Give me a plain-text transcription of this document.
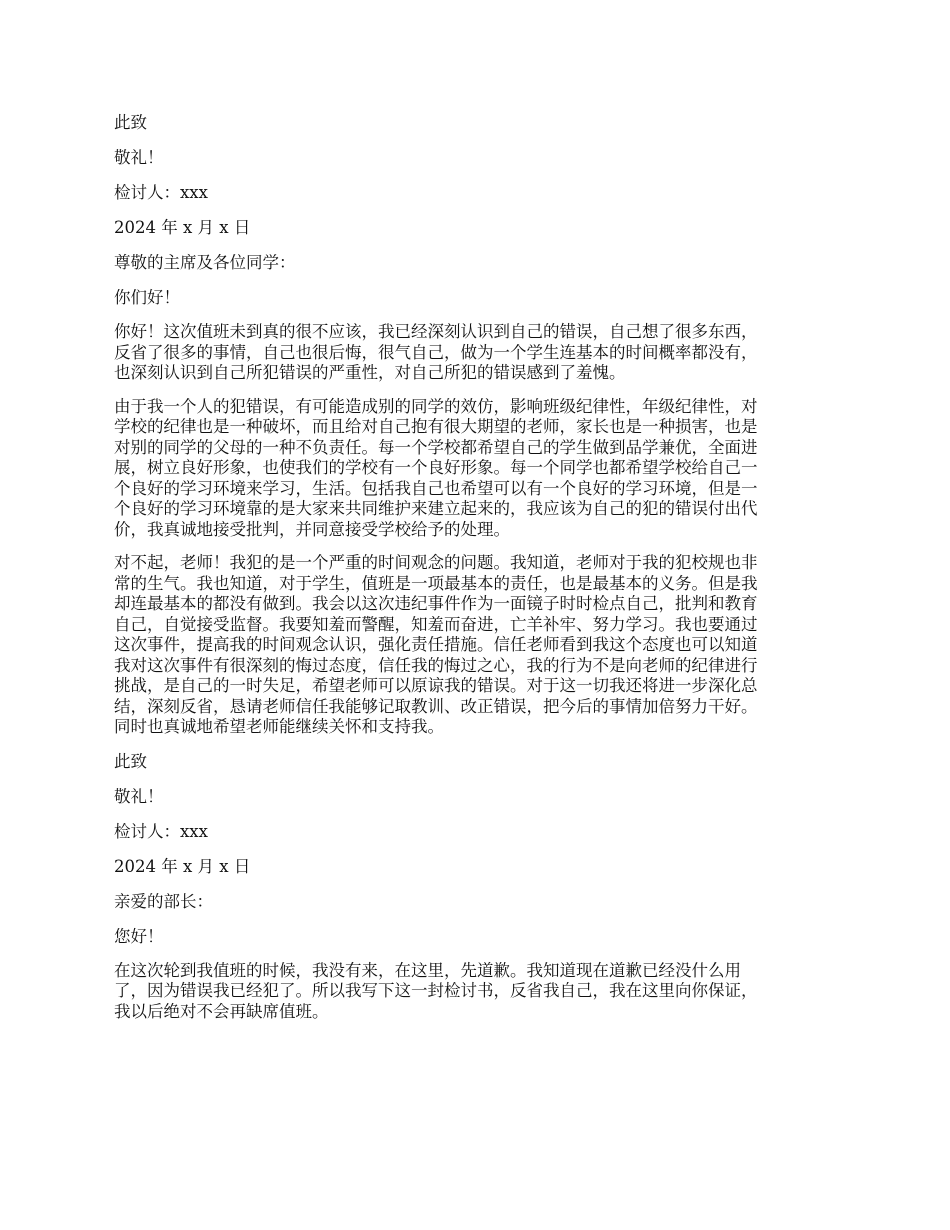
此致
敬礼！
检讨人：xxx
2024 年 x 月 x 日
尊敬的主席及各位同学：
你们好！
你好！这次值班未到真的很不应该，我已经深刻认识到自己的错误，自己想了很多东西，
反省了很多的事情，自己也很后悔，很气自己，做为一个学生连基本的时间概率都没有，
也深刻认识到自己所犯错误的严重性，对自己所犯的错误感到了羞愧。
由于我一个人的犯错误，有可能造成别的同学的效仿，影响班级纪律性，年级纪律性，对
学校的纪律也是一种破坏，而且给对自己抱有很大期望的老师，家长也是一种损害，也是
对别的同学的父母的一种不负责任。每一个学校都希望自己的学生做到品学兼优，全面进
展，树立良好形象，也使我们的学校有一个良好形象。每一个同学也都希望学校给自己一
个良好的学习环境来学习，生活。包括我自己也希望可以有一个良好的学习环境，但是一
个良好的学习环境靠的是大家来共同维护来建立起来的，我应该为自己的犯的错误付出代
价，我真诚地接受批判，并同意接受学校给予的处理。
对不起，老师！我犯的是一个严重的时间观念的问题。我知道，老师对于我的犯校规也非
常的生气。我也知道，对于学生，值班是一项最基本的责任，也是最基本的义务。但是我
却连最基本的都没有做到。我会以这次违纪事件作为一面镜子时时检点自己，批判和教育
自己，自觉接受监督。我要知羞而警醒，知羞而奋进，亡羊补牢、努力学习。我也要通过
这次事件，提高我的时间观念认识，强化责任措施。信任老师看到我这个态度也可以知道
我对这次事件有很深刻的悔过态度，信任我的悔过之心，我的行为不是向老师的纪律进行
挑战，是自己的一时失足，希望老师可以原谅我的错误。对于这一切我还将进一步深化总
结，深刻反省，恳请老师信任我能够记取教训、改正错误，把今后的事情加倍努力干好。
同时也真诚地希望老师能继续关怀和支持我。
此致
敬礼！
检讨人：xxx
2024 年 x 月 x 日
亲爱的部长：
您好！
在这次轮到我值班的时候，我没有来，在这里，先道歉。我知道现在道歉已经没什么用
了，因为错误我已经犯了。所以我写下这一封检讨书，反省我自己，我在这里向你保证，
我以后绝对不会再缺席值班。
